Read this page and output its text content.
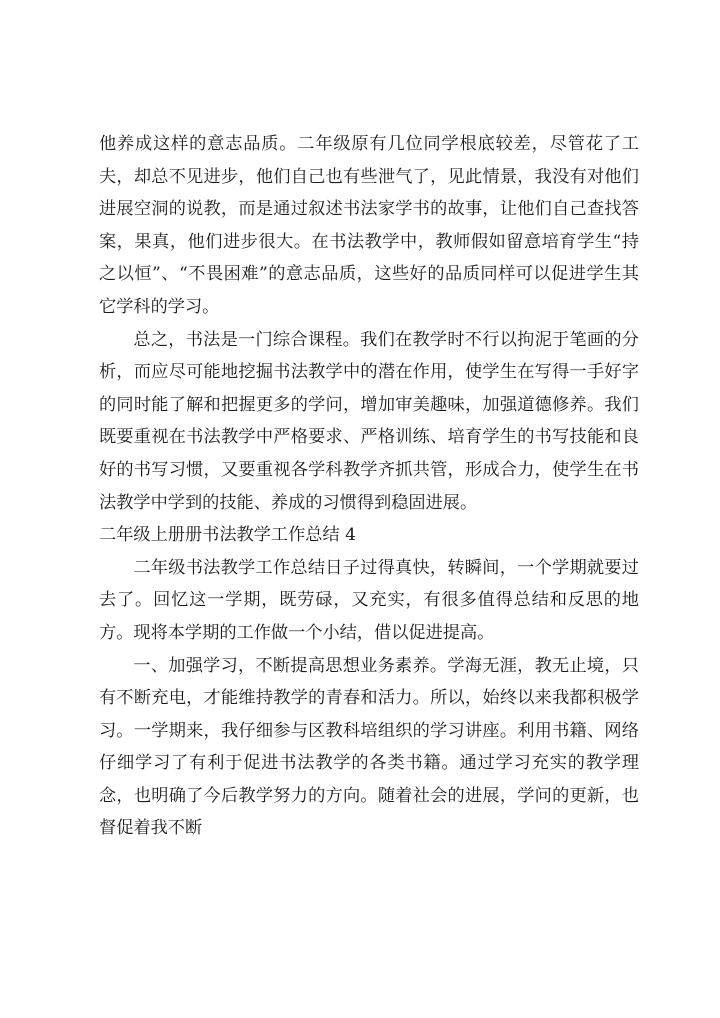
他养成这样的意志品质。二年级原有几位同学根底较差，尽管花了工夫，却总不见进步，他们自己也有些泄气了，见此情景，我没有对他们进展空洞的说教，而是通过叙述书法家学书的故事，让他们自己查找答案，果真，他们进步很大。在书法教学中，教师假如留意培育学生“持之以恒”、“不畏困难”的意志品质，这些好的品质同样可以促进学生其它学科的学习。

总之，书法是一门综合课程。我们在教学时不行以拘泥于笔画的分析，而应尽可能地挖掘书法教学中的潜在作用，使学生在写得一手好字的同时能了解和把握更多的学问，增加审美趣味，加强道德修养。我们既要重视在书法教学中严格要求、严格训练、培育学生的书写技能和良好的书写习惯，又要重视各学科教学齐抓共管，形成合力，使学生在书法教学中学到的技能、养成的习惯得到稳固进展。

二年级上册册书法教学工作总结 4

二年级书法教学工作总结日子过得真快，转瞬间，一个学期就要过去了。回忆这一学期，既劳碌，又充实，有很多值得总结和反思的地方。现将本学期的工作做一个小结，借以促进提高。

一、加强学习，不断提高思想业务素养。学海无涯，教无止境，只有不断充电，才能维持教学的青春和活力。所以，始终以来我都积极学习。一学期来，我仔细参与区教科培组织的学习讲座。利用书籍、网络仔细学习了有利于促进书法教学的各类书籍。通过学习充实的教学理念，也明确了今后教学努力的方向。随着社会的进展，学问的更新，也督促着我不断
